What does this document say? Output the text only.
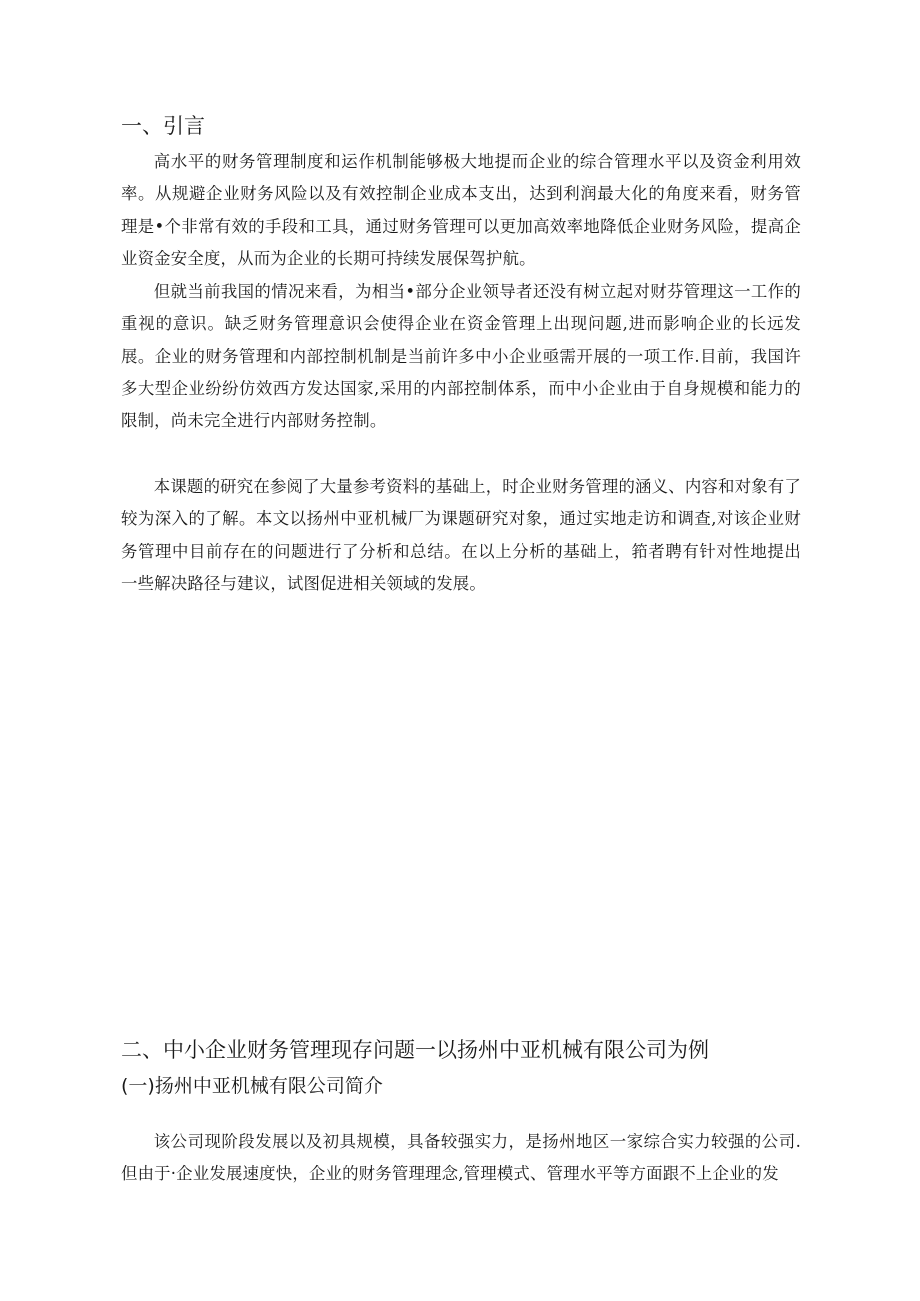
一、引言

高水平的财务管理制度和运作机制能够极大地提而企业的综合管理水平以及资金利用效率。从规避企业财务风险以及有效控制企业成本支出，达到利润最大化的角度来看，财务管理是•个非常有效的手段和工具，通过财务管理可以更加高效率地降低企业财务风险，提高企业资金安全度，从而为企业的长期可持续发展保驾护航。

但就当前我国的情况来看，为相当•部分企业领导者还没有树立起对财芬管理这一工作的重视的意识。缺乏财务管理意识会使得企业在资金管理上出现问题,进而影响企业的长远发展。企业的财务管理和内部控制机制是当前许多中小企业亟需开展的一项工作.目前，我国许多大型企业纷纷仿效西方发达国家,采用的内部控制体系，而中小企业由于自身规模和能力的限制，尚未完全进行内部财务控制。

本课题的研究在参阅了大量参考资料的基础上，时企业财务管理的涵义、内容和对象有了较为深入的了解。本文以扬州中亚机械厂为课题研究对象，通过实地走访和调查,对该企业财务管理中目前存在的问题进行了分析和总结。在以上分析的基础上，筘者聘有针对性地提出一些解决路径与建议，试图促进相关领域的发展。

二、中小企业财务管理现存问题一以扬州中亚机械有限公司为例
(一)扬州中亚机械有限公司简介

该公司现阶段发展以及初具规模，具备较强实力，是扬州地区一家综合实力较强的公司.但由于·企业发展速度快，企业的财务管理理念,管理模式、管理水平等方面跟不上企业的发
